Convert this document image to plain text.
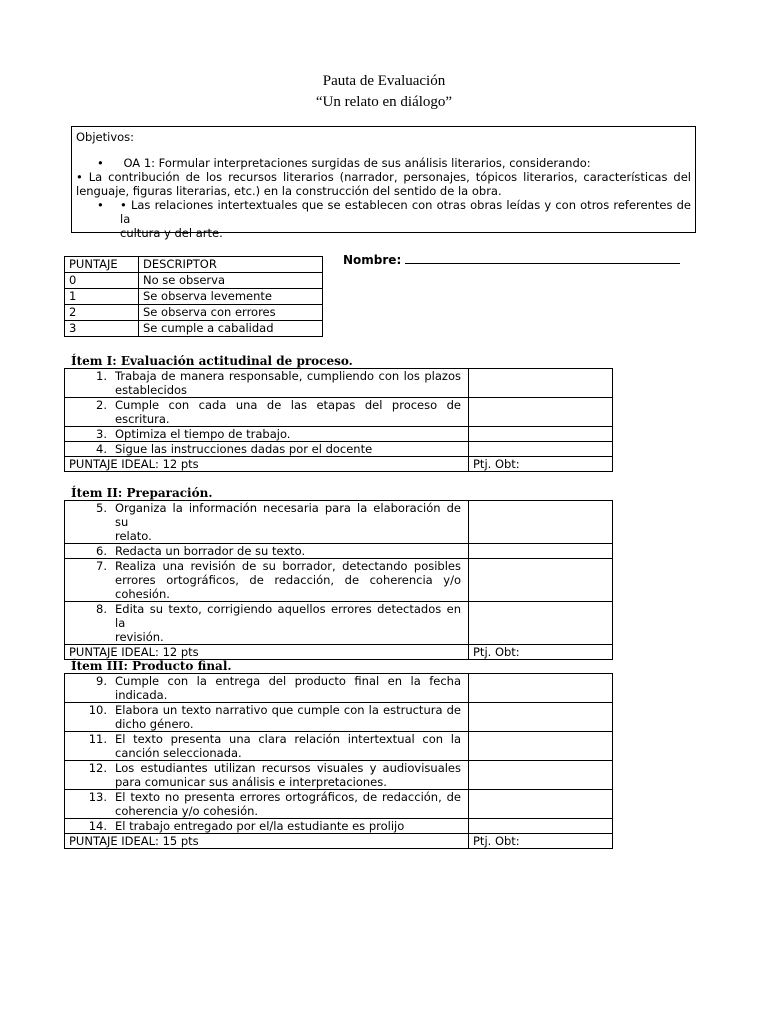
Pauta de Evaluación
“Un relato en diálogo”
Objetivos:
• OA 1: Formular interpretaciones surgidas de sus análisis literarios, considerando:
• La contribución de los recursos literarios (narrador, personajes, tópicos literarios, características del
lenguaje, figuras literarias, etc.) en la construcción del sentido de la obra.
• • Las relaciones intertextuales que se establecen con otras obras leídas y con otros referentes de la
cultura y del arte.
Nombre:
PUNTAJE	DESCRIPTOR
0	No se observa
1	Se observa levemente
2	Se observa con errores
3	Se cumple a cabalidad
Ítem I: Evaluación actitudinal de proceso.
1. Trabaja de manera responsable, cumpliendo con los plazos
establecidos	

2. Cumple con cada una de las etapas del proceso de
escritura.	

3. Optimiza el tiempo de trabajo.	
4. Sigue las instrucciones dadas por el docente	
PUNTAJE IDEAL: 12 pts	Ptj. Obt:
Ítem II: Preparación.
5. Organiza la información necesaria para la elaboración de su
relato.	

6. Redacta un borrador de su texto.	
7. Realiza una revisión de su borrador, detectando posibleserrores ortográficos, de redacción, de coherencia y/o
cohesión.	

8. Edita su texto, corrigiendo aquellos errores detectados en la
revisión.	

PUNTAJE IDEAL: 12 pts	Ptj. Obt:
Ítem III: Producto final.
9. Cumple con la entrega del producto final en la fecha
indicada.	

10. Elabora un texto narrativo que cumple con la estructura de
dicho género.	

11. El texto presenta una clara relación intertextual con la
canción seleccionada.	

12. Los estudiantes utilizan recursos visuales y audiovisuales
para comunicar sus análisis e interpretaciones.	

13.El texto no presenta errores ortográficos, de redacción, de
coherencia y/o cohesión.	

14. El trabajo entregado por el/la estudiante es prolijo	
PUNTAJE IDEAL: 15 pts	Ptj. Obt:
